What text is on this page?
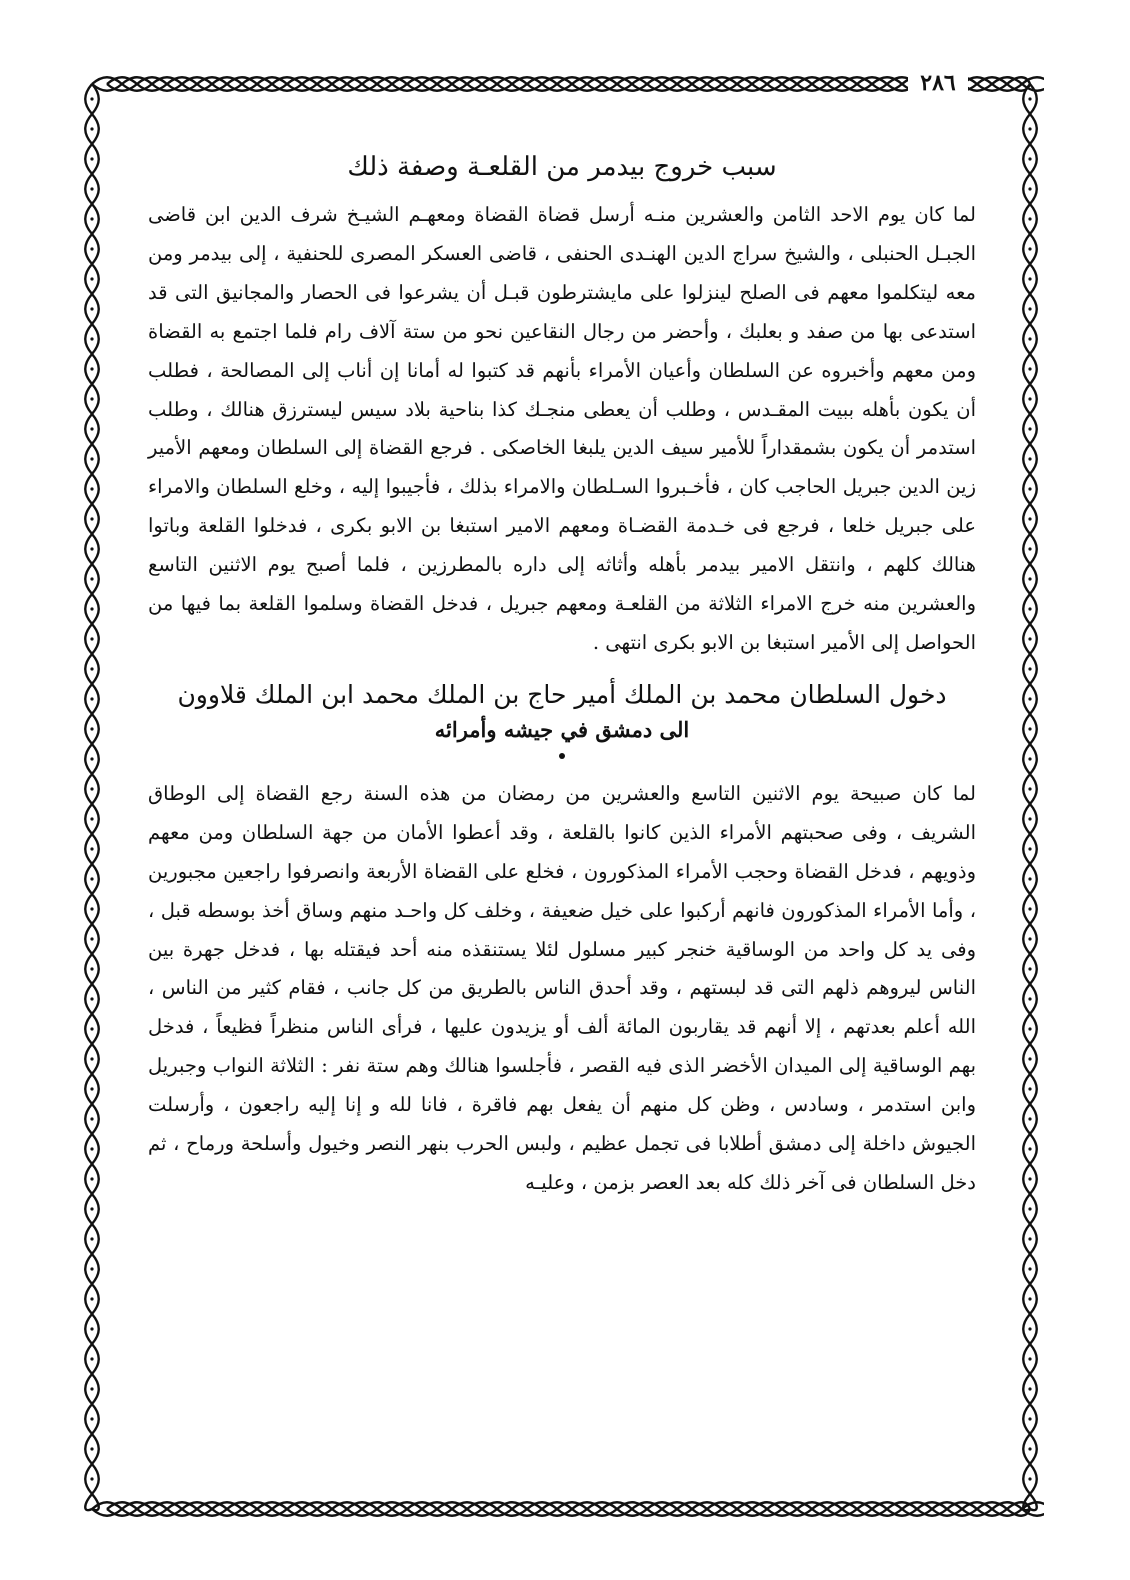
٢٨٦
سبب خروج بيدمر من القلعـة وصفة ذلك

لما كان يوم الاحد الثامن والعشرين منـه أرسل قضاة القضاة ومعهـم الشيـخ شرف الدين ابن قاضى الجبـل الحنبلى ، والشيخ سراج الدين الهنـدى الحنفى ، قاضى العسكر المصرى للحنفية ، إلى بيدمر ومن معه ليتكلموا معهم فى الصلح لينزلوا على مايشترطون قبـل أن يشرعوا فى الحصار والمجانيق التى قد استدعى بها من صفد و بعلبك ، وأحضر من رجال النقاعين نحو من ستة آلاف رام فلما اجتمع به القضاة ومن معهم وأخبروه عن السلطان وأعيان الأمراء بأنهم قد كتبوا له أمانا إن أناب إلى المصالحة ، فطلب أن يكون بأهله ببيت المقـدس ، وطلب أن يعطى منجـك كذا بناحية بلاد سيس ليسترزق هنالك ، وطلب استدمر أن يكون بشمقداراً للأمير سيف الدين يلبغا الخاصكى . فرجع القضاة إلى السلطان ومعهم الأمير زين الدين جبريل الحاجب كان ، فأخـبروا السـلطان والامراء بذلك ، فأجيبوا إليه ، وخلع السلطان والامراء على جبريل خلعا ، فرجع فى خـدمة القضـاة ومعهم الامير استبغا بن الابو بكرى ، فدخلوا القلعة وباتوا هنالك كلهم ، وانتقل الامير بيدمر بأهله وأثاثه إلى داره بالمطرزين ، فلما أصبح يوم الاثنين التاسع والعشرين منه خرج الامراء الثلاثة من القلعـة ومعهم جبريل ، فدخل القضاة وسلموا القلعة بما فيها من الحواصل إلى الأمير استبغا بن الابو بكرى انتهى .

دخول السلطان محمد بن الملك أمير حاج بن الملك محمد ابن الملك قلاوون
الى دمشق في جيشه وأمرائه

لما كان صبيحة يوم الاثنين التاسع والعشرين من رمضان من هذه السنة رجع القضاة إلى الوطاق الشريف ، وفى صحبتهم الأمراء الذين كانوا بالقلعة ، وقد أعطوا الأمان من جهة السلطان ومن معهم وذويهم ، فدخل القضاة وحجب الأمراء المذكورون ، فخلع على القضاة الأربعة وانصرفوا راجعين مجبورين ، وأما الأمراء المذكورون فانهم أركبوا على خيل ضعيفة ، وخلف كل واحـد منهم وساق أخذ بوسطه قبل ، وفى يد كل واحد من الوساقية خنجر كبير مسلول لئلا يستنقذه منه أحد فيقتله بها ، فدخل جهرة بين الناس ليروهم ذلهم التى قد لبستهم ، وقد أحدق الناس بالطريق من كل جانب ، فقام كثير من الناس ، الله أعلم بعدتهم ، إلا أنهم قد يقاربون المائة ألف أو يزيدون عليها ، فرأى الناس منظراً فظيعاً ، فدخل بهم الوساقية إلى الميدان الأخضر الذى فيه القصر ، فأجلسوا هنالك وهم ستة نفر : الثلاثة النواب وجبريل وابن استدمر ، وسادس ، وظن كل منهم أن يفعل بهم فاقرة ، فانا لله و إنا إليه راجعون ، وأرسلت الجيوش داخلة إلى دمشق أطلابا فى تجمل عظيم ، ولبس الحرب بنهر النصر وخيول وأسلحة ورماح ، ثم دخل السلطان فى آخر ذلك كله بعد العصر بزمن ، وعليـه
